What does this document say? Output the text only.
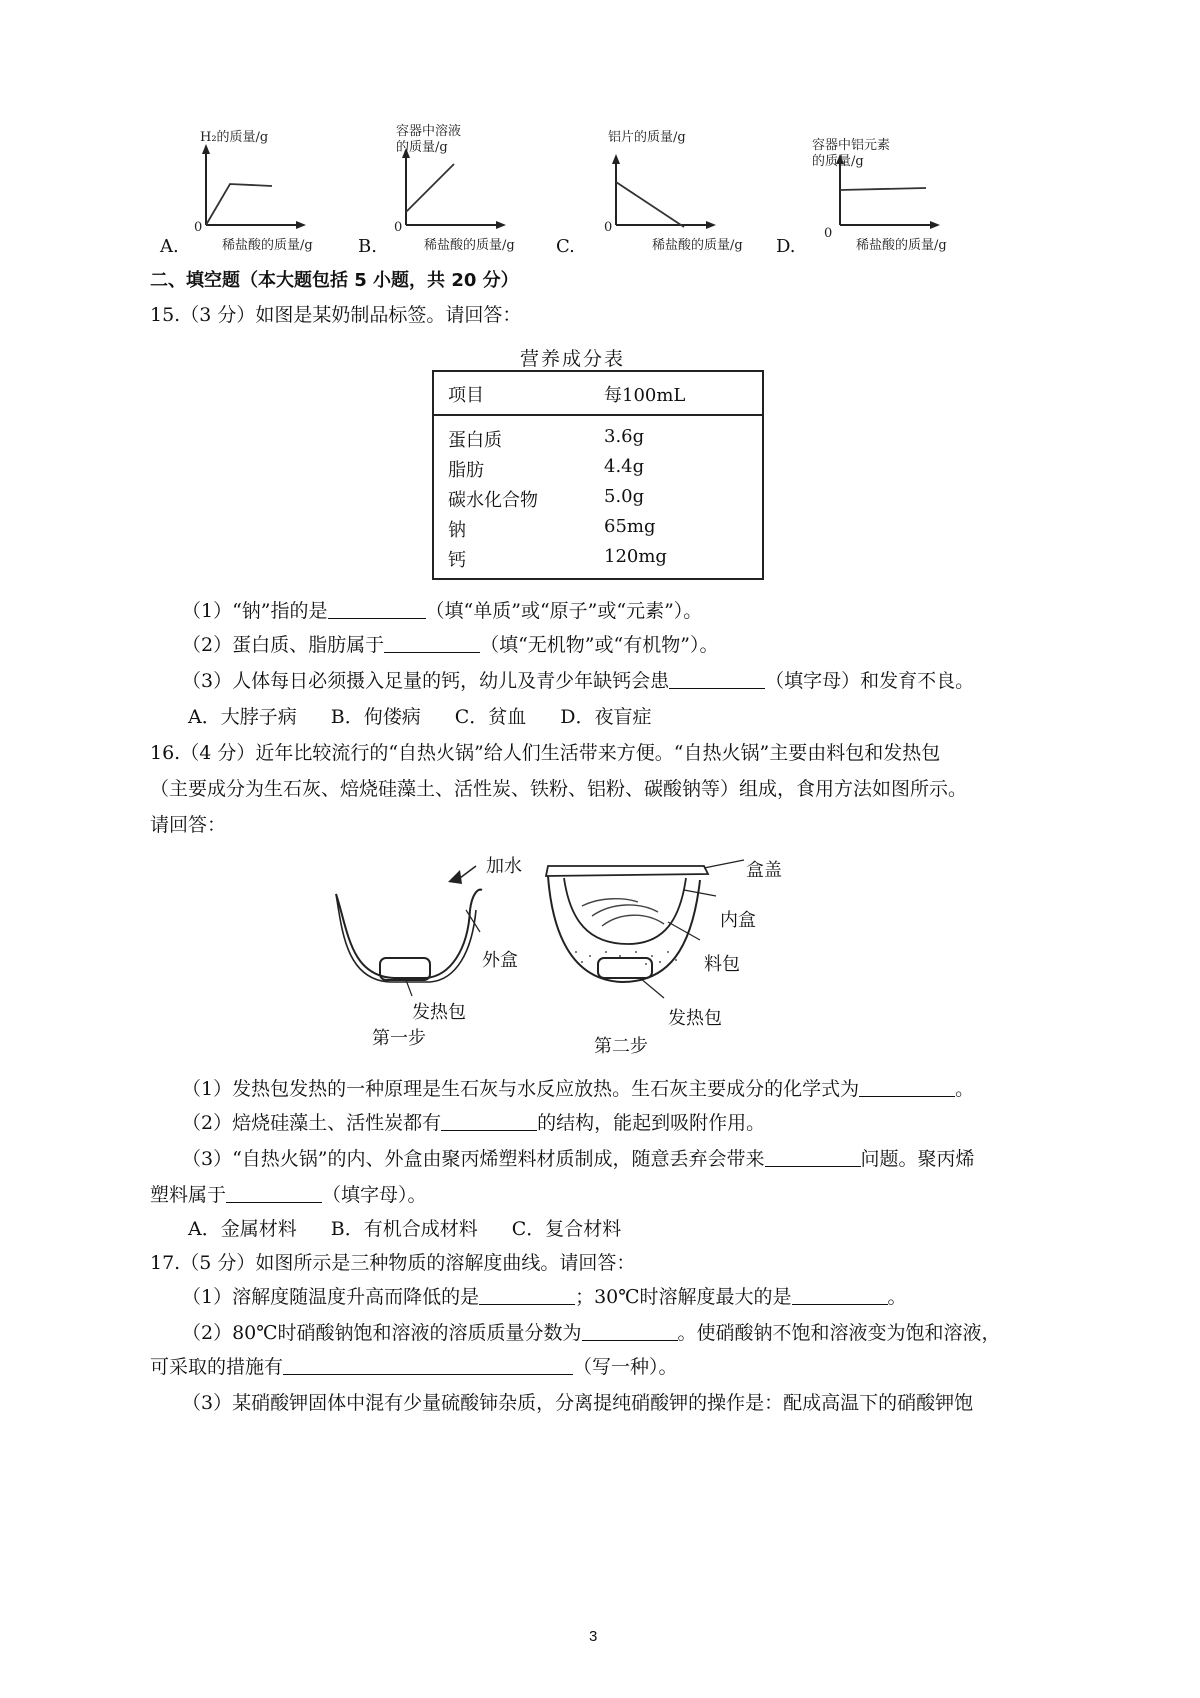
H₂的质量/g
0
稀盐酸的质量/g
A.
容器中溶液
的质量/g
0
稀盐酸的质量/g
B.
铝片的质量/g
0
稀盐酸的质量/g
C.
容器中铝元素
的质量/g
0
稀盐酸的质量/g
D.
二、填空题（本大题包括 5 小题，共 20 分）
15.（3 分）如图是某奶制品标签。请回答：
营养成分表
项目	每100mL
蛋白质	3.6g
脂肪	4.4g
碳水化合物	5.0g
钠	65mg
钙	120mg
（1）“钠”指的是	（填“单质”或“原子”或“元素”）。
（2）蛋白质、脂肪属于	（填“无机物”或“有机物”）。
（3）人体每日必须摄入足量的钙，幼儿及青少年缺钙会患	（填字母）和发育不良。
A．大脖子病 B．佝偻病 C．贫血 D．夜盲症
16.（4 分）近年比较流行的“自热火锅”给人们生活带来方便。“自热火锅”主要由料包和发热包
（主要成分为生石灰、焙烧硅藻土、活性炭、铁粉、铝粉、碳酸钠等）组成，食用方法如图所示。
请回答：
加水
外盒
发热包
第一步
盒盖
内盒
料包
发热包
第二步
（1）发热包发热的一种原理是生石灰与水反应放热。生石灰主要成分的化学式为	。
（2）焙烧硅藻土、活性炭都有	的结构，能起到吸附作用。
（3）“自热火锅”的内、外盒由聚丙烯塑料材质制成，随意丢弃会带来	问题。聚丙烯
塑料属于	（填字母）。
A．金属材料 B．有机合成材料 C．复合材料
17.（5 分）如图所示是三种物质的溶解度曲线。请回答：
（1）溶解度随温度升高而降低的是	；30℃时溶解度最大的是	。
（2）80℃时硝酸钠饱和溶液的溶质质量分数为	。使硝酸钠不饱和溶液变为饱和溶液，
可采取的措施有	（写一种）。
（3）某硝酸钾固体中混有少量硫酸铈杂质，分离提纯硝酸钾的操作是：配成高温下的硝酸钾饱
3
